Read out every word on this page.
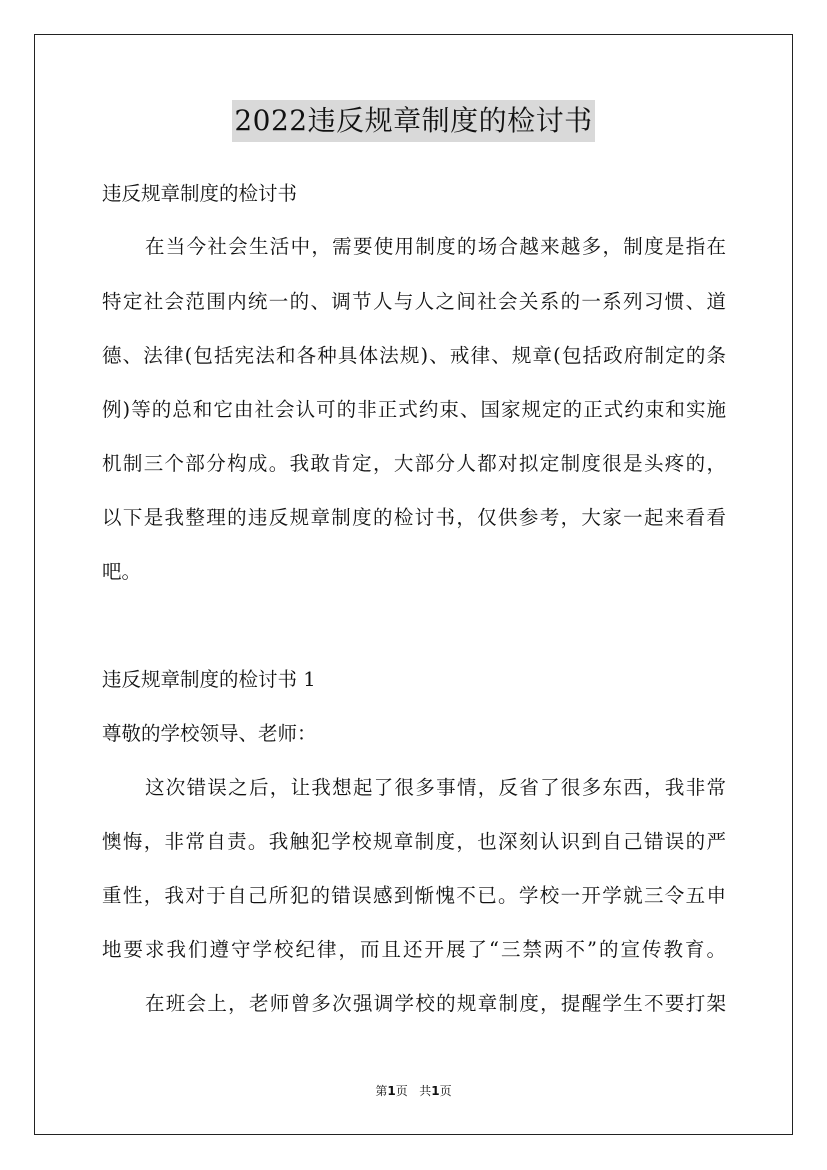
2022违反规章制度的检讨书
违反规章制度的检讨书
在当今社会生活中，需要使用制度的场合越来越多，制度是指在
特定社会范围内统一的、调节人与人之间社会关系的一系列习惯、道
德、法律(包括宪法和各种具体法规)、戒律、规章(包括政府制定的条
例)等的总和它由社会认可的非正式约束、国家规定的正式约束和实施
机制三个部分构成。我敢肯定，大部分人都对拟定制度很是头疼的，
以下是我整理的违反规章制度的检讨书，仅供参考，大家一起来看看
吧。
违反规章制度的检讨书 1
尊敬的学校领导、老师：
这次错误之后，让我想起了很多事情，反省了很多东西，我非常
懊悔，非常自责。我触犯学校规章制度，也深刻认识到自己错误的严
重性，我对于自己所犯的错误感到惭愧不已。学校一开学就三令五申
地要求我们遵守学校纪律，而且还开展了“三禁两不”的宣传教育。
在班会上，老师曾多次强调学校的规章制度，提醒学生不要打架
第1页 共1页
